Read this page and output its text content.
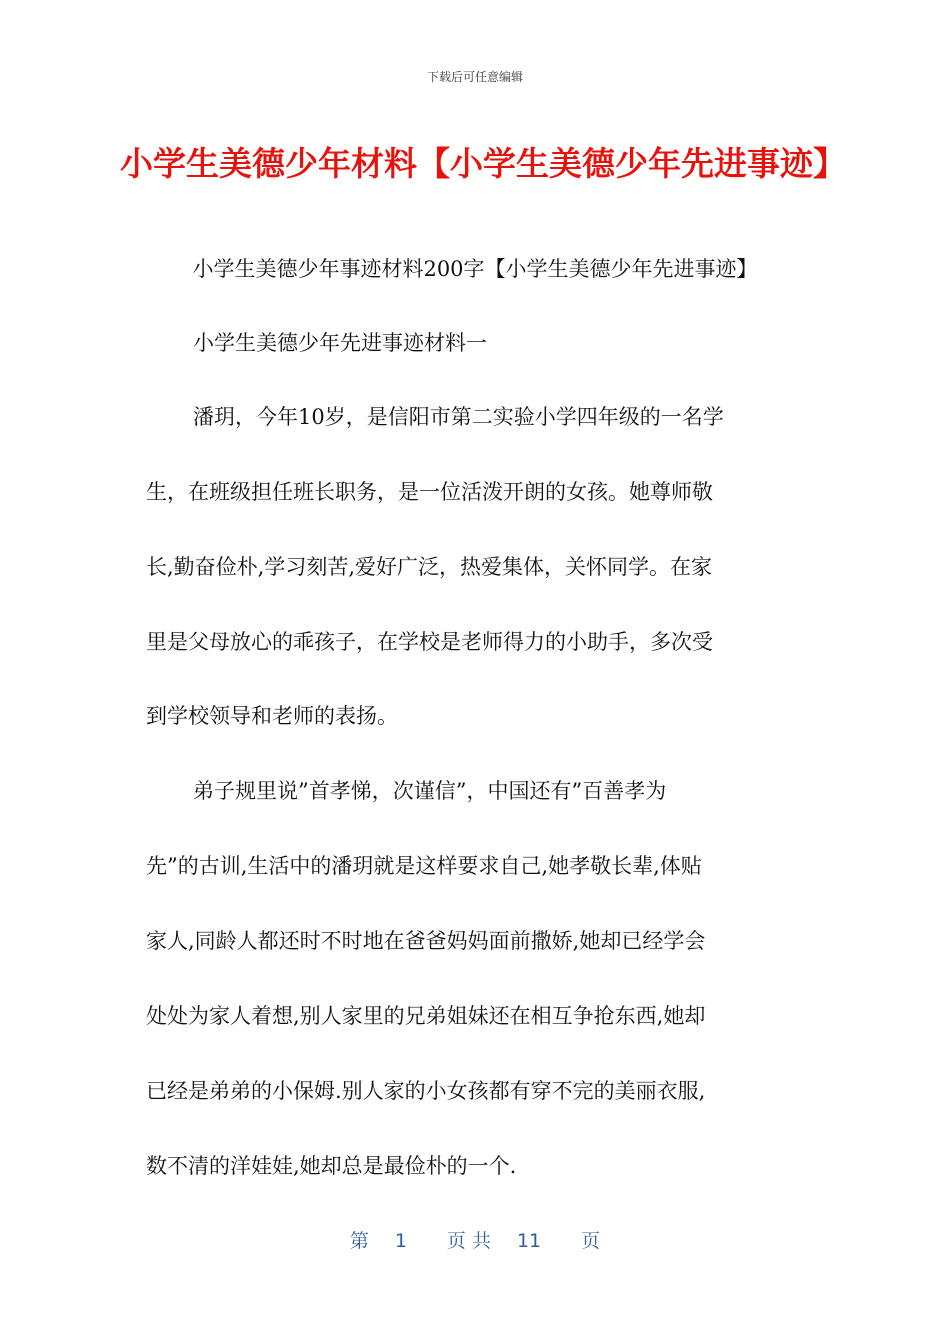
下载后可任意编辑
小学生美德少年材料【小学生美德少年先进事迹】

小学生美德少年事迹材料200字【小学生美德少年先进事迹】

小学生美德少年先进事迹材料一

潘玥，今年10岁，是信阳市第二实验小学四年级的一名学

生，在班级担任班长职务，是一位活泼开朗的女孩。她尊师敬

长,勤奋俭朴,学习刻苦,爱好广泛，热爱集体，关怀同学。在家

里是父母放心的乖孩子，在学校是老师得力的小助手，多次受

到学校领导和老师的表扬。

弟子规里说”首孝悌，次谨信”，中国还有”百善孝为

先”的古训,生活中的潘玥就是这样要求自己,她孝敬长辈,体贴

家人,同龄人都还时不时地在爸爸妈妈面前撒娇,她却已经学会

处处为家人着想,别人家里的兄弟姐妹还在相互争抢东西,她却

已经是弟弟的小保姆.别人家的小女孩都有穿不完的美丽衣服,

数不清的洋娃娃,她却总是最俭朴的一个.

第 1 页 共 11 页
